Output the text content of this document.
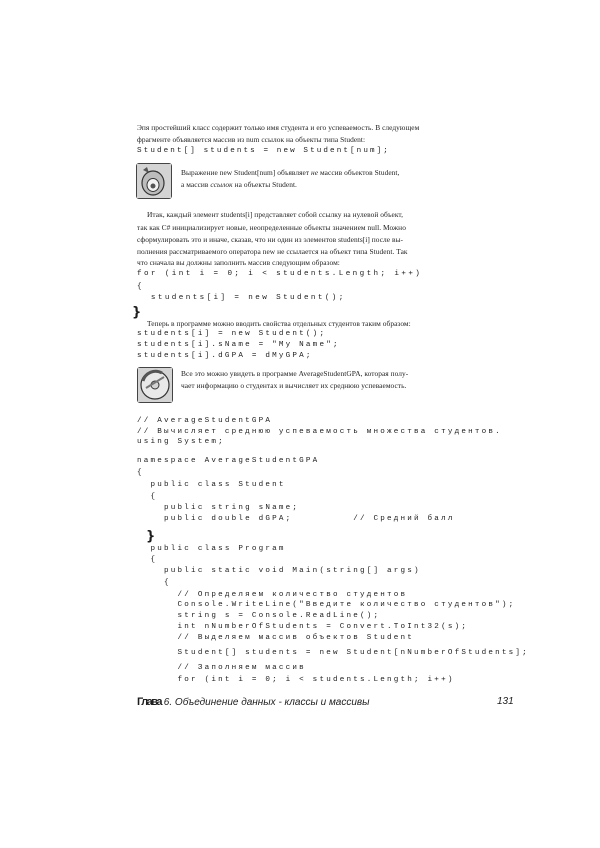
Эпя простейший класс содержит только имя студента и его успеваемость. В следующем
фрагменте объявляется массив из num ссылок на объекты типа Student:
Student[] students = new Student[num];
Выражение new Student[num] объявляет не массив объектов Student,
а массив ссылок на объекты Student.
Итак, каждый элемент students[i] представляет собой ссылку на нулевой объект,
так как C# инициализирует новые, неопределенные объекты значением null. Можно
сформулировать это и иначе, сказав, что ни один из элементов students[i] после вы-
полнения рассматриваемого оператора new не ссылается на объект типа Student. Так
что сначала вы должны заполнить массив следующим образом:
for (int i = 0; i < students.Length; i++)
{
students[i] = new Student();
}
Теперь в программе можно вводить свойства отдельных студентов таким образом:
students[i] = new Student();
students[i].sName = "My Name";
students[i].dGPA = dMyGPA;
Все это можно увидеть в программе AverageStudentGPA, которая полу-
чает информацию о студентах и вычисляет их среднюю успеваемость.
// AverageStudentGPA
// Вычисляет среднюю успеваемость множества студентов.
using System;
namespace AverageStudentGPA
{
public class Student
{
public string sName;
public double dGPA;         // Средний балл
}
public class Program
{
public static void Main(string[] args)
{
// Определяем количество студентов
Console.WriteLine("Введите количество студентов");
string s = Console.ReadLine();
int nNumberOfStudents = Convert.ToInt32(s);
// Выделяем массив объектов Student
Student[] students = new Student[nNumberOfStudents];
// Заполняем массив
for (int i = 0; i < students.Length; i++)
Глава 6. Объединение данных - классы и массивы	131
